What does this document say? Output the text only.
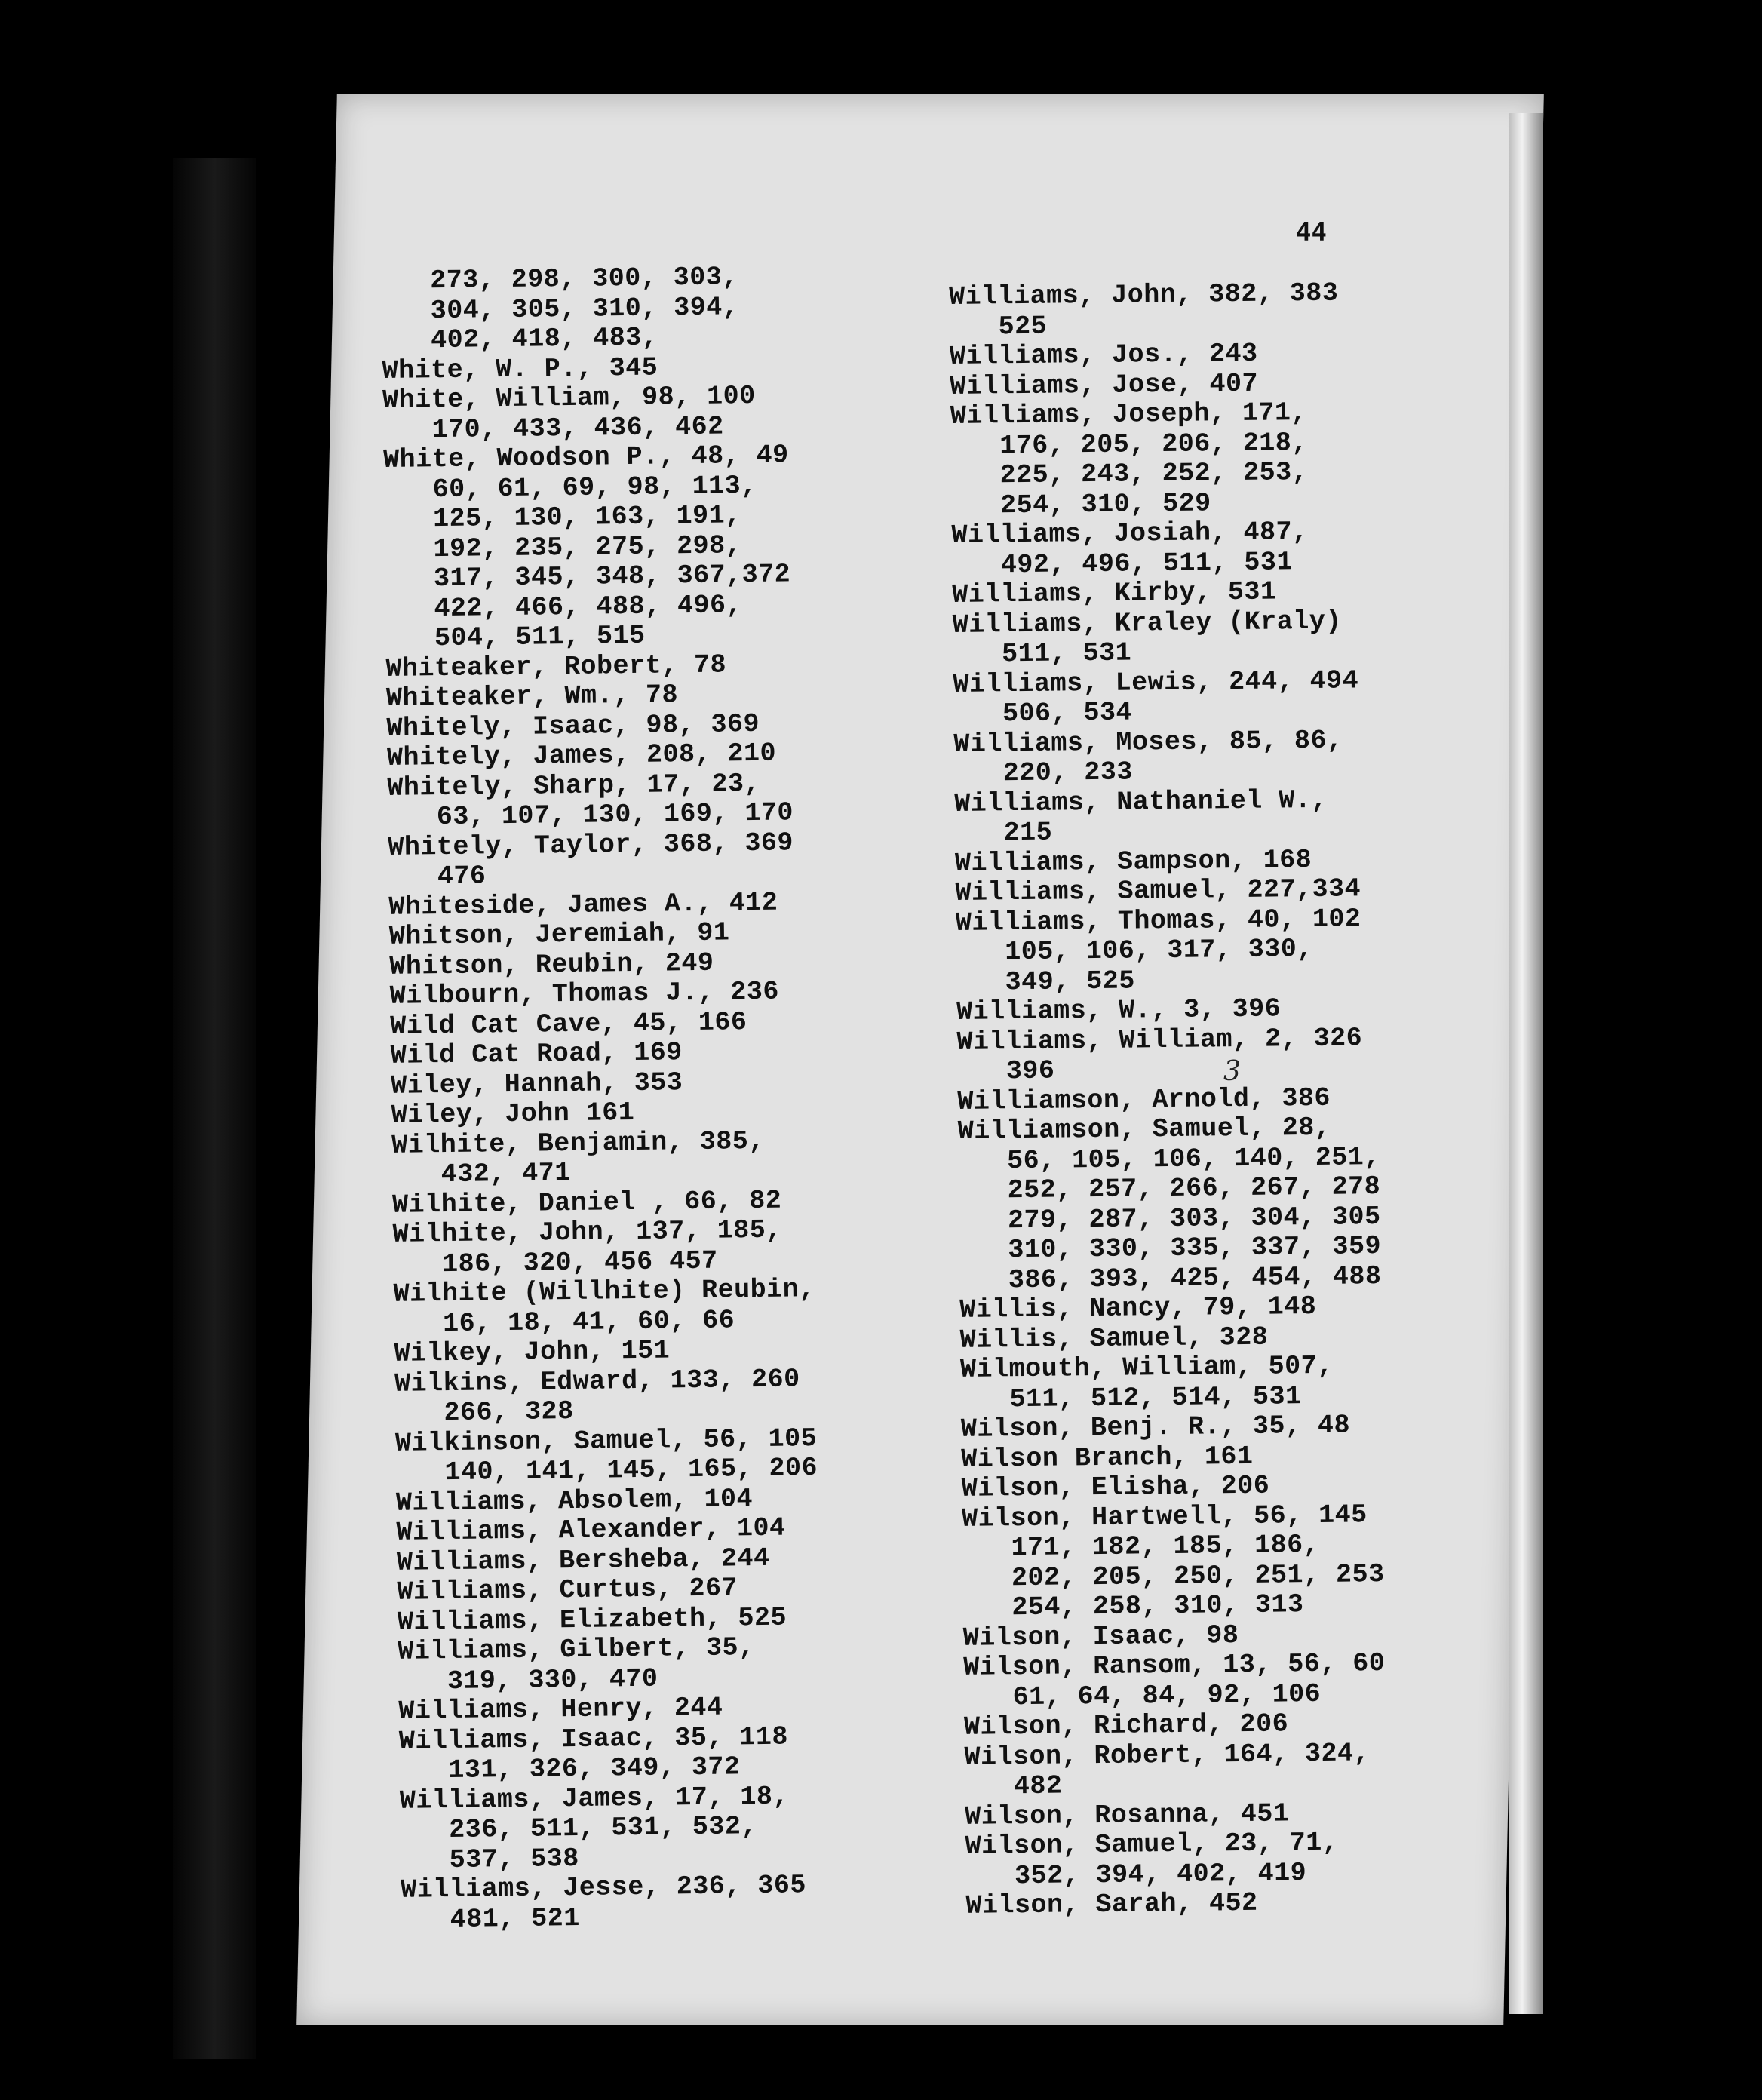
44

273, 298, 300, 303,
304, 305, 310, 394,
402, 418, 483,
White, W. P., 345
White, William, 98, 100
170, 433, 436, 462
White, Woodson P., 48, 49
60, 61, 69, 98, 113,
125, 130, 163, 191,
192, 235, 275, 298,
317, 345, 348, 367,372
422, 466, 488, 496,
504, 511, 515
Whiteaker, Robert, 78
Whiteaker, Wm., 78
Whitely, Isaac, 98, 369
Whitely, James, 208, 210
Whitely, Sharp, 17, 23,
63, 107, 130, 169, 170
Whitely, Taylor, 368, 369
476
Whiteside, James A., 412
Whitson, Jeremiah, 91
Whitson, Reubin, 249
Wilbourn, Thomas J., 236
Wild Cat Cave, 45, 166
Wild Cat Road, 169
Wiley, Hannah, 353
Wiley, John 161
Wilhite, Benjamin, 385,
432, 471
Wilhite, Daniel , 66, 82
Wilhite, John, 137, 185,
186, 320, 456 457
Wilhite (Willhite) Reubin,
16, 18, 41, 60, 66
Wilkey, John, 151
Wilkins, Edward, 133, 260
266, 328
Wilkinson, Samuel, 56, 105
140, 141, 145, 165, 206
Williams, Absolem, 104
Williams, Alexander, 104
Williams, Bersheba, 244
Williams, Curtus, 267
Williams, Elizabeth, 525
Williams, Gilbert, 35,
319, 330, 470
Williams, Henry, 244
Williams, Isaac, 35, 118
131, 326, 349, 372
Williams, James, 17, 18,
236, 511, 531, 532,
537, 538
Williams, Jesse, 236, 365
481, 521
Williams, John, 382, 383
525
Williams, Jos., 243
Williams, Jose, 407
Williams, Joseph, 171,
176, 205, 206, 218,
225, 243, 252, 253,
254, 310, 529
Williams, Josiah, 487,
492, 496, 511, 531
Williams, Kirby, 531
Williams, Kraley (Kraly)
511, 531
Williams, Lewis, 244, 494
506, 534
Williams, Moses, 85, 86,
220, 233
Williams, Nathaniel W.,
215
Williams, Sampson, 168
Williams, Samuel, 227,334
Williams, Thomas, 40, 102
105, 106, 317, 330,
349, 525
Williams, W., 3, 396
Williams, William, 2, 326
396
Williamson, Arnold, 386
Williamson, Samuel, 28,
56, 105, 106, 140, 251,
252, 257, 266, 267, 278
279, 287, 303, 304, 305
310, 330, 335, 337, 359
386, 393, 425, 454, 488
Willis, Nancy, 79, 148
Willis, Samuel, 328
Wilmouth, William, 507,
511, 512, 514, 531
Wilson, Benj. R., 35, 48
Wilson Branch, 161
Wilson, Elisha, 206
Wilson, Hartwell, 56, 145
171, 182, 185, 186,
202, 205, 250, 251, 253
254, 258, 310, 313
Wilson, Isaac, 98
Wilson, Ransom, 13, 56, 60
61, 64, 84, 92, 106
Wilson, Richard, 206
Wilson, Robert, 164, 324,
482
Wilson, Rosanna, 451
Wilson, Samuel, 23, 71,
352, 394, 402, 419
Wilson, Sarah, 452
3
